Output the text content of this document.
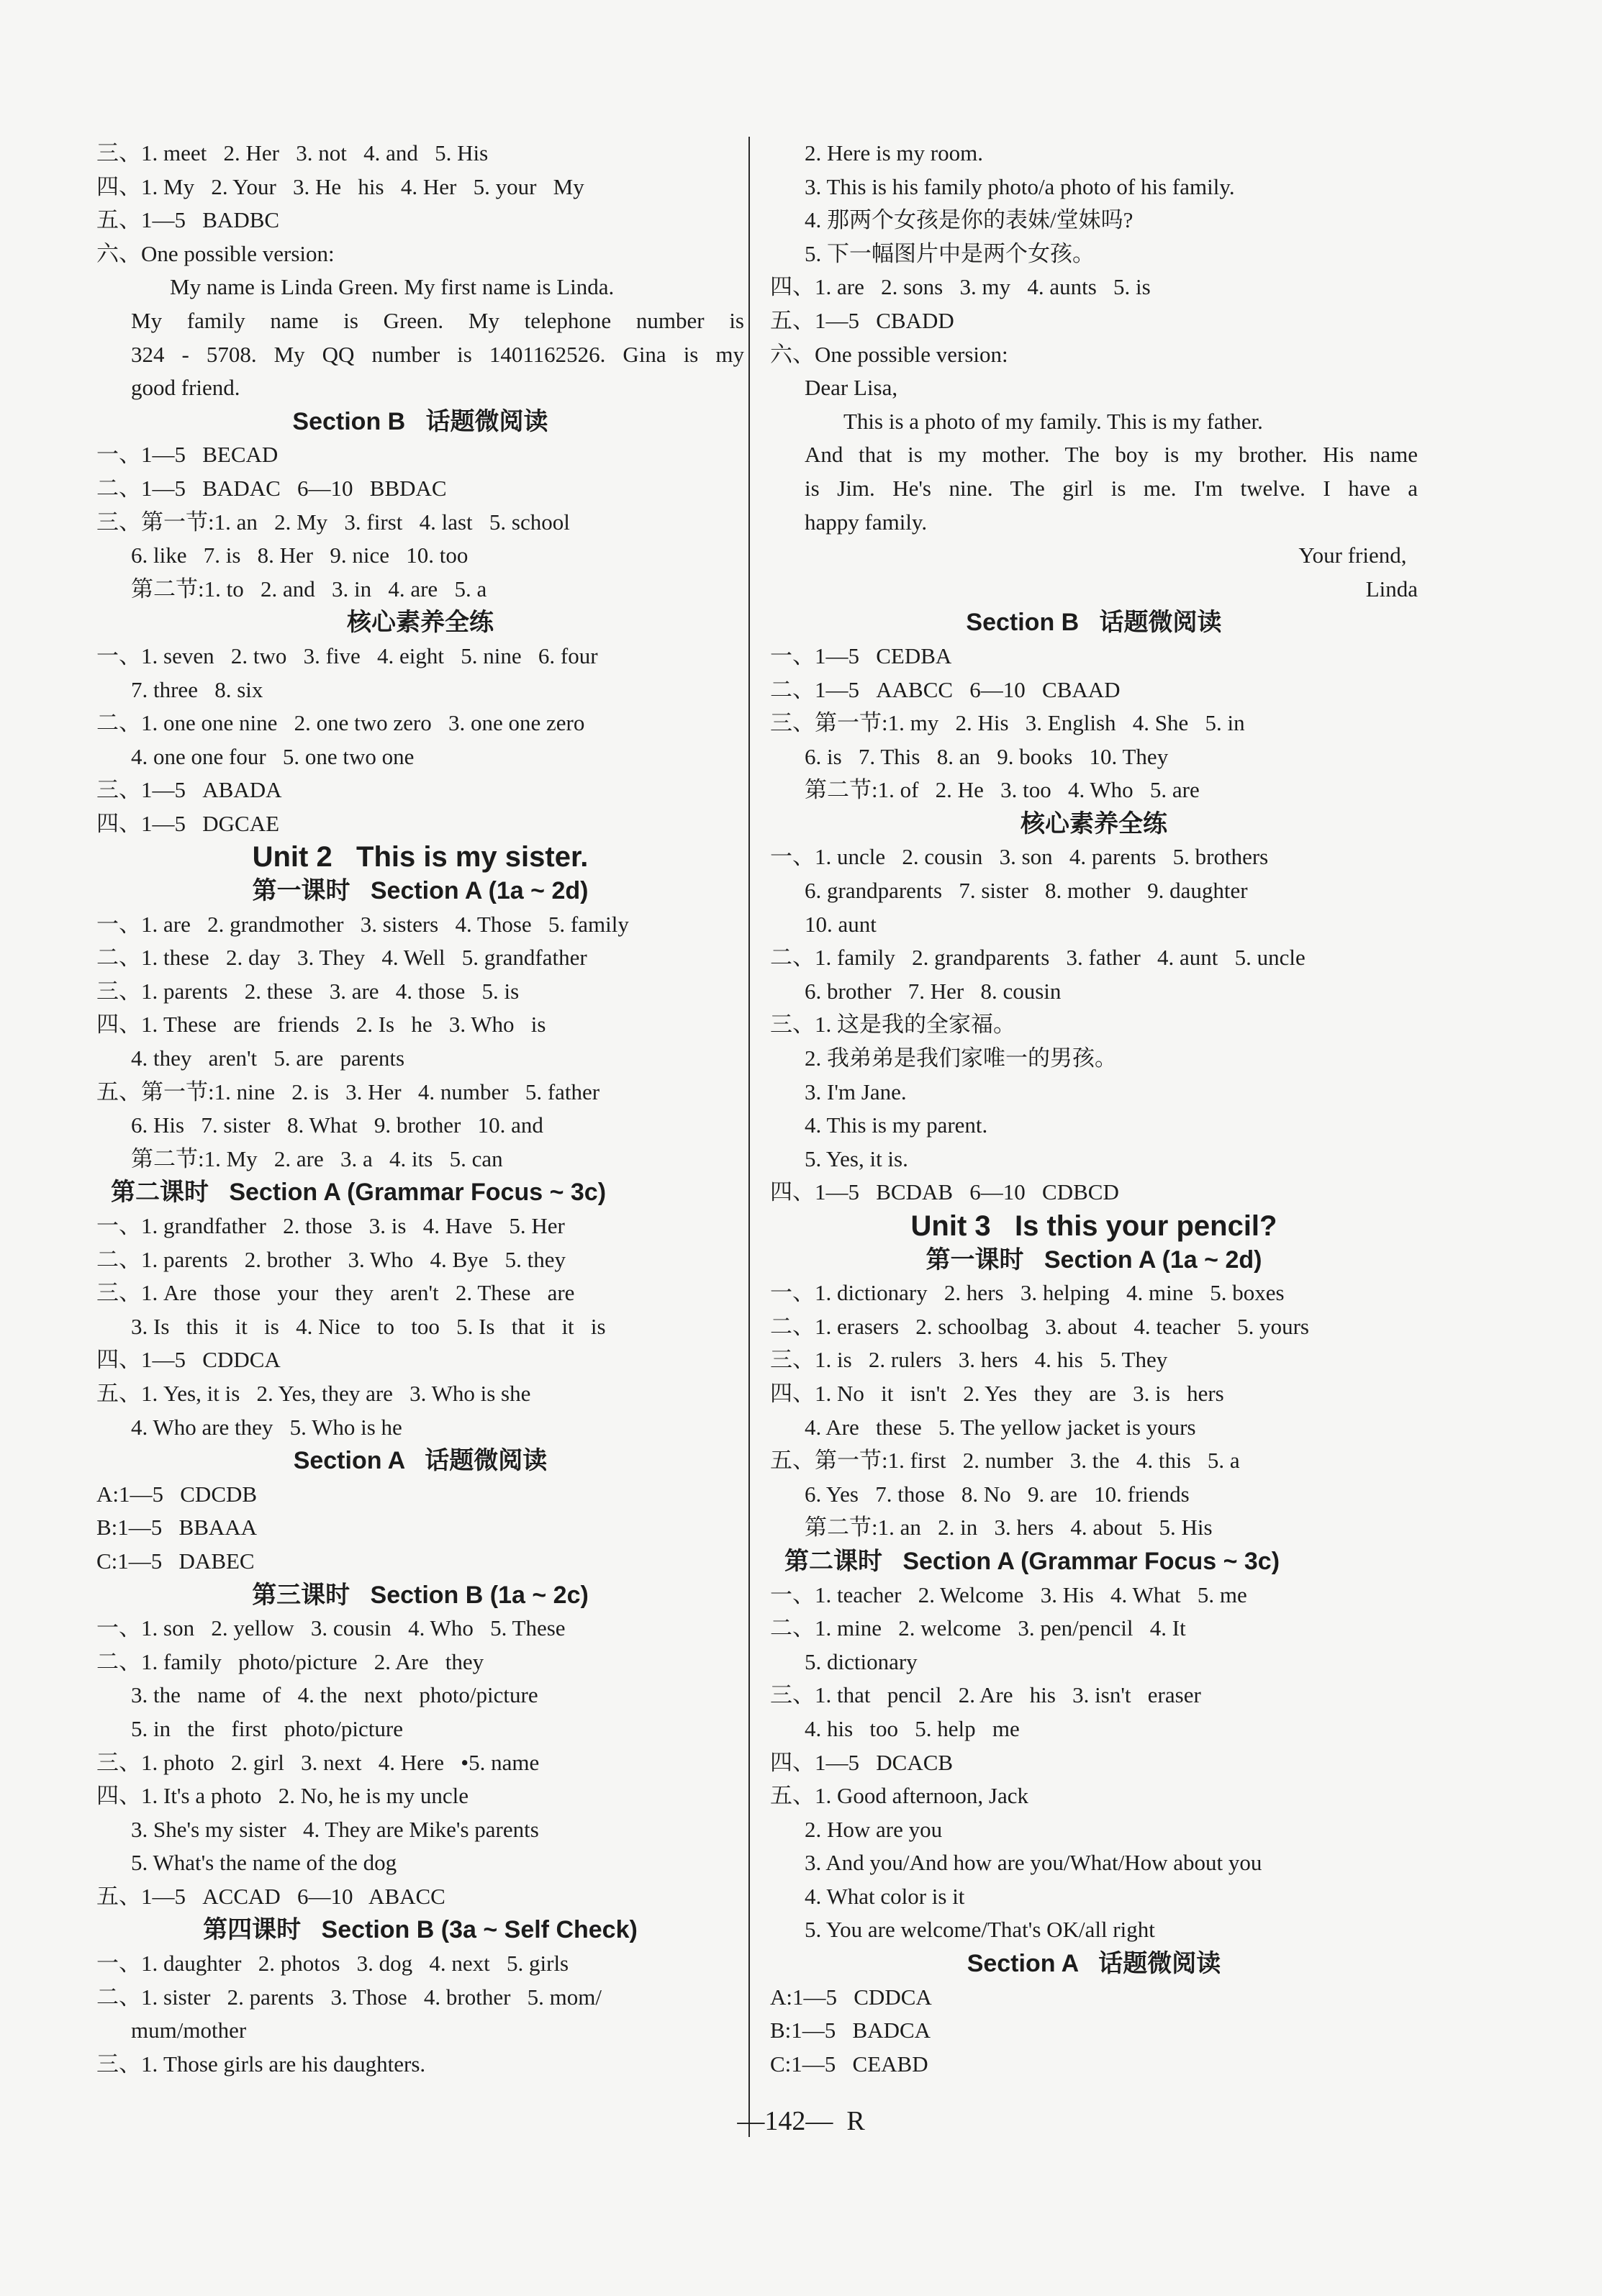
三、1. meet   2. Her   3. not   4. and   5. His
四、1. My   2. Your   3. He   his   4. Her   5. your   My
五、1—5   BADBC
六、One possible version:
My name is Linda Green. My first name is Linda.
My family name is Green. My telephone number is
324 - 5708. My QQ number is 1401162526. Gina is my
good friend.
Section B   话题微阅读
一、1—5   BECAD
二、1—5   BADAC   6—10   BBDAC
三、第一节:1. an   2. My   3. first   4. last   5. school
6. like   7. is   8. Her   9. nice   10. too
第二节:1. to   2. and   3. in   4. are   5. a
核心素养全练
一、1. seven   2. two   3. five   4. eight   5. nine   6. four
7. three   8. six
二、1. one one nine   2. one two zero   3. one one zero
4. one one four   5. one two one
三、1—5   ABADA
四、1—5   DGCAE
Unit 2   This is my sister.
第一课时   Section A (1a ~ 2d)
一、1. are   2. grandmother   3. sisters   4. Those   5. family
二、1. these   2. day   3. They   4. Well   5. grandfather
三、1. parents   2. these   3. are   4. those   5. is
四、1. These   are   friends   2. Is   he   3. Who   is
4. they   aren't   5. are   parents
五、第一节:1. nine   2. is   3. Her   4. number   5. father
6. His   7. sister   8. What   9. brother   10. and
第二节:1. My   2. are   3. a   4. its   5. can
第二课时   Section A (Grammar Focus ~ 3c)
一、1. grandfather   2. those   3. is   4. Have   5. Her
二、1. parents   2. brother   3. Who   4. Bye   5. they
三、1. Are   those   your   they   aren't   2. These   are
3. Is   this   it   is   4. Nice   to   too   5. Is   that   it   is
四、1—5   CDDCA
五、1. Yes, it is   2. Yes, they are   3. Who is she
4. Who are they   5. Who is he
Section A   话题微阅读
A:1—5   CDCDB
B:1—5   BBAAA
C:1—5   DABEC
第三课时   Section B (1a ~ 2c)
一、1. son   2. yellow   3. cousin   4. Who   5. These
二、1. family   photo/picture   2. Are   they
3. the   name   of   4. the   next   photo/picture
5. in   the   first   photo/picture
三、1. photo   2. girl   3. next   4. Here   •5. name
四、1. It's a photo   2. No, he is my uncle
3. She's my sister   4. They are Mike's parents
5. What's the name of the dog
五、1—5   ACCAD   6—10   ABACC
第四课时   Section B (3a ~ Self Check)
一、1. daughter   2. photos   3. dog   4. next   5. girls
二、1. sister   2. parents   3. Those   4. brother   5. mom/
mum/mother
三、1. Those girls are his daughters.
2. Here is my room.
3. This is his family photo/a photo of his family.
4. 那两个女孩是你的表妹/堂妹吗?
5. 下一幅图片中是两个女孩。
四、1. are   2. sons   3. my   4. aunts   5. is
五、1—5   CBADD
六、One possible version:
Dear Lisa,
This is a photo of my family. This is my father.
And that is my mother. The boy is my brother. His name
is Jim. He's nine. The girl is me. I'm twelve. I have a
happy family.
Your friend,
Linda
Section B   话题微阅读
一、1—5   CEDBA
二、1—5   AABCC   6—10   CBAAD
三、第一节:1. my   2. His   3. English   4. She   5. in
6. is   7. This   8. an   9. books   10. They
第二节:1. of   2. He   3. too   4. Who   5. are
核心素养全练
一、1. uncle   2. cousin   3. son   4. parents   5. brothers
6. grandparents   7. sister   8. mother   9. daughter
10. aunt
二、1. family   2. grandparents   3. father   4. aunt   5. uncle
6. brother   7. Her   8. cousin
三、1. 这是我的全家福。
2. 我弟弟是我们家唯一的男孩。
3. I'm Jane.
4. This is my parent.
5. Yes, it is.
四、1—5   BCDAB   6—10   CDBCD
Unit 3   Is this your pencil?
第一课时   Section A (1a ~ 2d)
一、1. dictionary   2. hers   3. helping   4. mine   5. boxes
二、1. erasers   2. schoolbag   3. about   4. teacher   5. yours
三、1. is   2. rulers   3. hers   4. his   5. They
四、1. No   it   isn't   2. Yes   they   are   3. is   hers
4. Are   these   5. The yellow jacket is yours
五、第一节:1. first   2. number   3. the   4. this   5. a
6. Yes   7. those   8. No   9. are   10. friends
第二节:1. an   2. in   3. hers   4. about   5. His
第二课时   Section A (Grammar Focus ~ 3c)
一、1. teacher   2. Welcome   3. His   4. What   5. me
二、1. mine   2. welcome   3. pen/pencil   4. It
5. dictionary
三、1. that   pencil   2. Are   his   3. isn't   eraser
4. his   too   5. help   me
四、1—5   DCACB
五、1. Good afternoon, Jack
2. How are you
3. And you/And how are you/What/How about you
4. What color is it
5. You are welcome/That's OK/all right
Section A   话题微阅读
A:1—5   CDDCA
B:1—5   BADCA
C:1—5   CEABD
—142—  R
